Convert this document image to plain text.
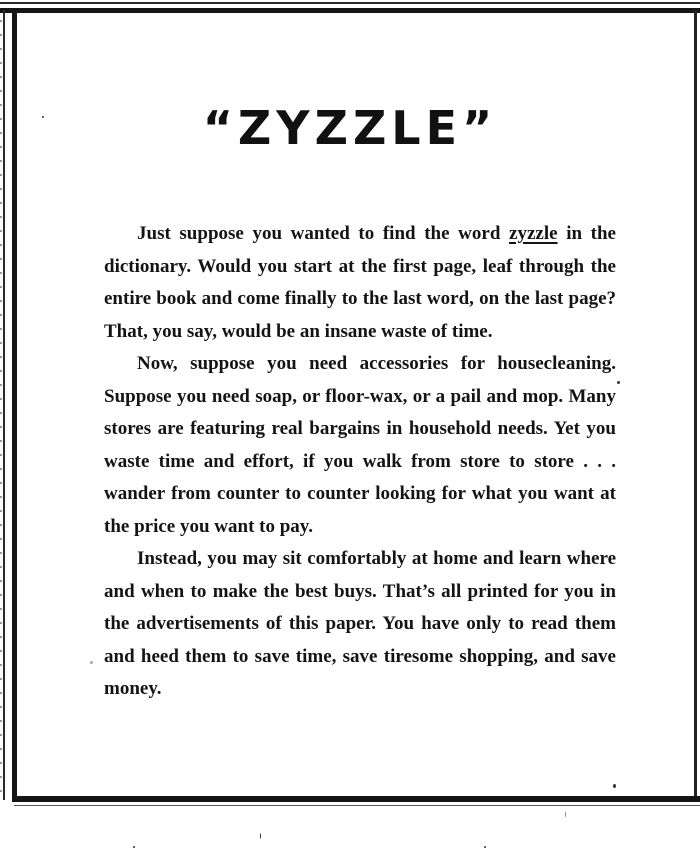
“ZYZZLE”

Just suppose you wanted to find the word zyzzle in the dictionary. Would you start at the first page, leaf through the entire book and come finally to the last word, on the last page? That, you say, would be an insane waste of time.

Now, suppose you need accessories for housecleaning. Suppose you need soap, or floor-wax, or a pail and mop. Many stores are featuring real bargains in household needs. Yet you waste time and effort, if you walk from store to store . . . wander from counter to counter looking for what you want at the price you want to pay.

Instead, you may sit comfortably at home and learn where and when to make the best buys. That’s all printed for you in the advertisements of this paper. You have only to read them and heed them to save time, save tiresome shopping, and save money.
